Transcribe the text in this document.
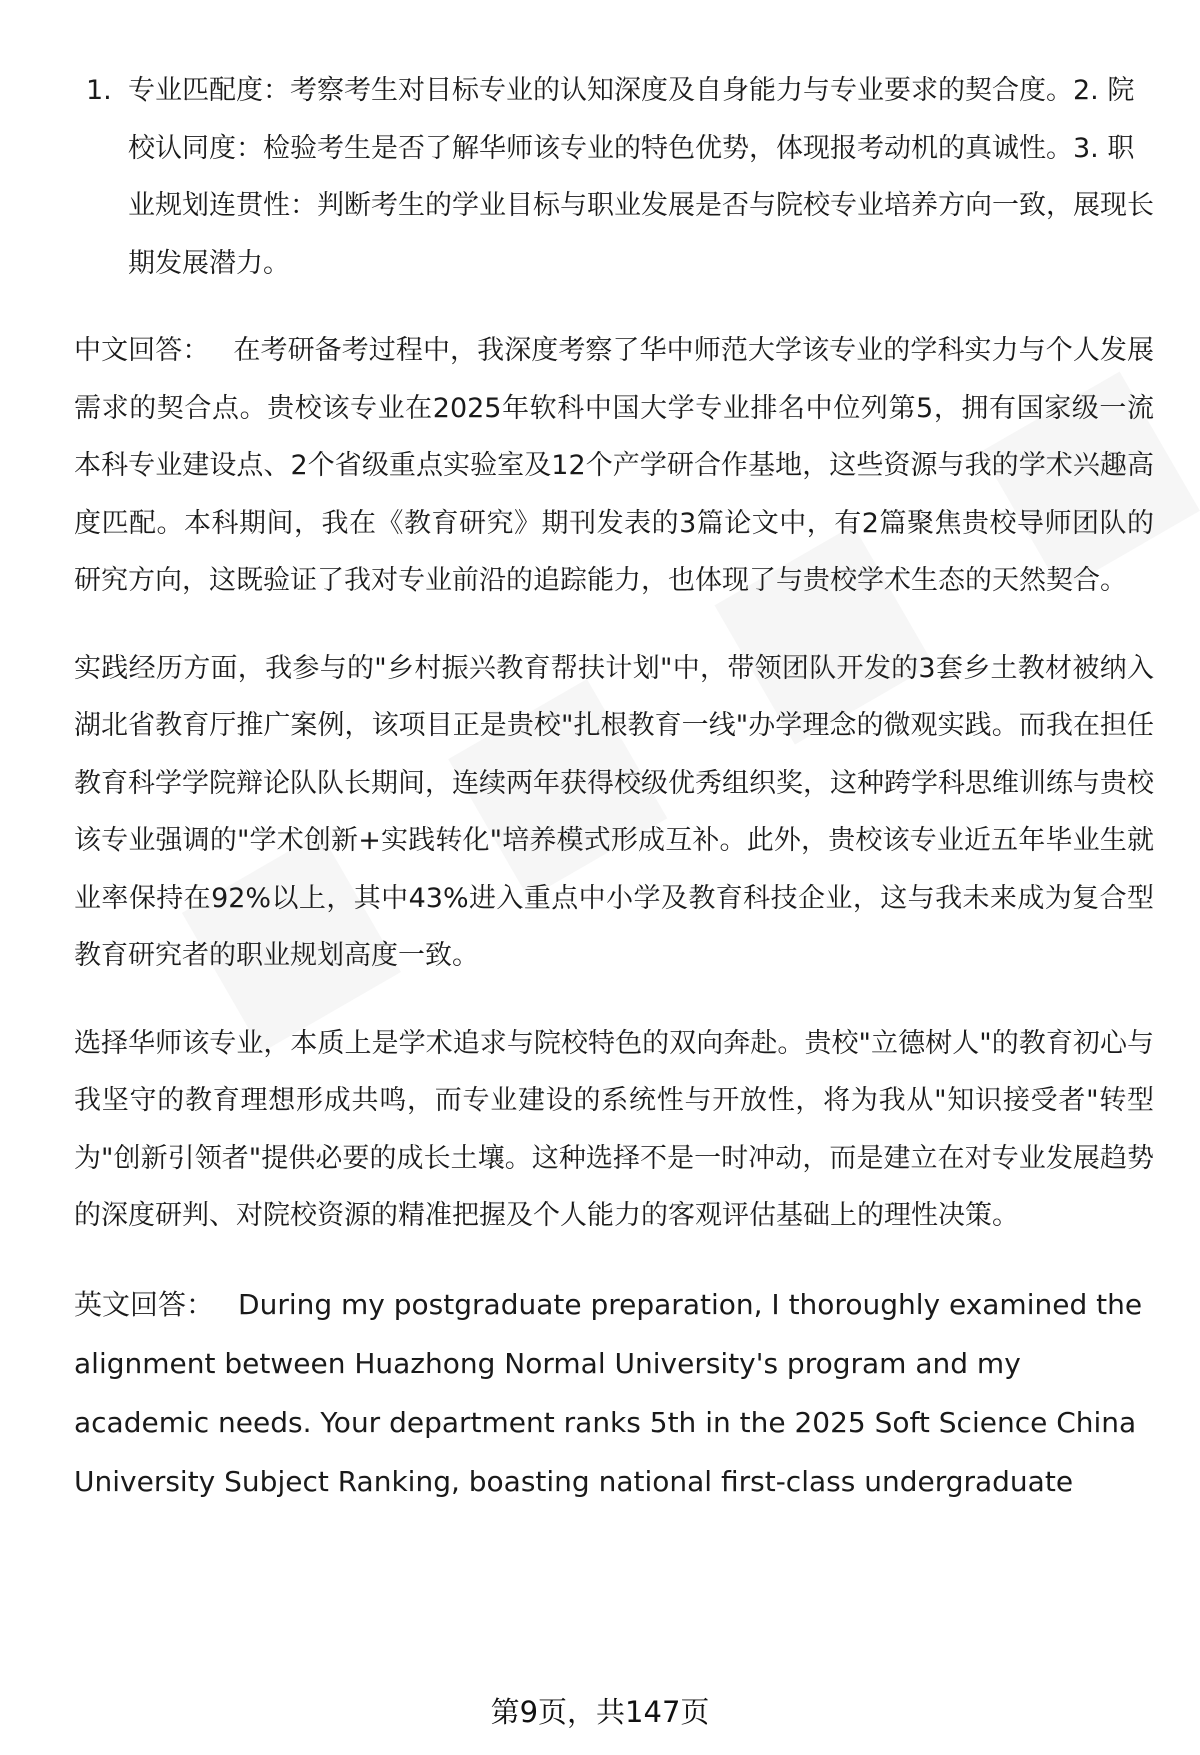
1. 专业匹配度：考察考生对目标专业的认知深度及自身能力与专业要求的契合度。2. 院校认同度：检验考生是否了解华师该专业的特色优势，体现报考动机的真诚性。3. 职业规划连贯性：判断考生的学业目标与职业发展是否与院校专业培养方向一致，展现长期发展潜力。

中文回答： 在考研备考过程中，我深度考察了华中师范大学该专业的学科实力与个人发展需求的契合点。贵校该专业在2025年软科中国大学专业排名中位列第5，拥有国家级一流本科专业建设点、2个省级重点实验室及12个产学研合作基地，这些资源与我的学术兴趣高度匹配。本科期间，我在《教育研究》期刊发表的3篇论文中，有2篇聚焦贵校导师团队的研究方向，这既验证了我对专业前沿的追踪能力，也体现了与贵校学术生态的天然契合。

实践经历方面，我参与的"乡村振兴教育帮扶计划"中，带领团队开发的3套乡土教材被纳入湖北省教育厅推广案例，该项目正是贵校"扎根教育一线"办学理念的微观实践。而我在担任教育科学学院辩论队队长期间，连续两年获得校级优秀组织奖，这种跨学科思维训练与贵校该专业强调的"学术创新+实践转化"培养模式形成互补。此外，贵校该专业近五年毕业生就业率保持在92%以上，其中43%进入重点中小学及教育科技企业，这与我未来成为复合型教育研究者的职业规划高度一致。

选择华师该专业，本质上是学术追求与院校特色的双向奔赴。贵校"立德树人"的教育初心与我坚守的教育理想形成共鸣，而专业建设的系统性与开放性，将为我从"知识接受者"转型为"创新引领者"提供必要的成长土壤。这种选择不是一时冲动，而是建立在对专业发展趋势的深度研判、对院校资源的精准把握及个人能力的客观评估基础上的理性决策。

英文回答： During my postgraduate preparation, I thoroughly examined the alignment between Huazhong Normal University's program and my academic needs. Your department ranks 5th in the 2025 Soft Science China University Subject Ranking, boasting national first-class undergraduate

第9页，共147页
